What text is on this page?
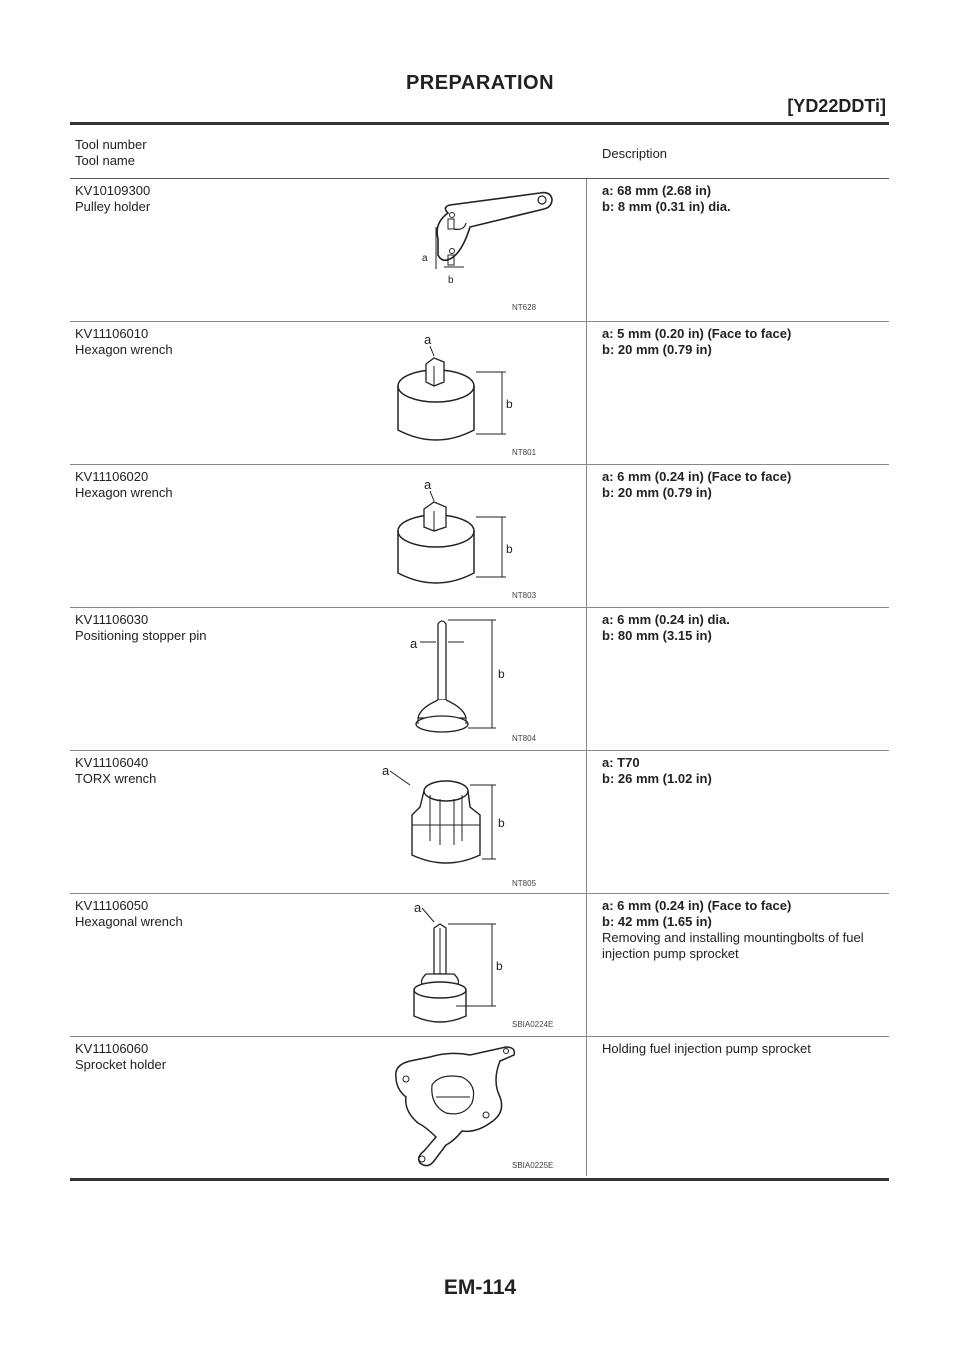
PREPARATION
[YD22DDTi]
Tool number
Tool name	Description
KV10109300
Pulley holder
a
b
NT628
a: 68 mm (2.68 in)
b: 8 mm (0.31 in) dia.
KV11106010
Hexagon wrench
a
b
NT801
a: 5 mm (0.20 in) (Face to face)
b: 20 mm (0.79 in)
KV11106020
Hexagon wrench
a
b
NT803
a: 6 mm (0.24 in) (Face to face)
b: 20 mm (0.79 in)
KV11106030
Positioning stopper pin
a
b
NT804
a: 6 mm (0.24 in) dia.
b: 80 mm (3.15 in)
KV11106040
TORX wrench
a
b
NT805
a: T70
b: 26 mm (1.02 in)
KV11106050
Hexagonal wrench
a
b
SBIA0224E
a: 6 mm (0.24 in) (Face to face)
b: 42 mm (1.65 in)
Removing and installing mountingbolts of fuel injection pump sprocket
KV11106060
Sprocket holder
SBIA0225E
Holding fuel injection pump sprocket
EM-114
